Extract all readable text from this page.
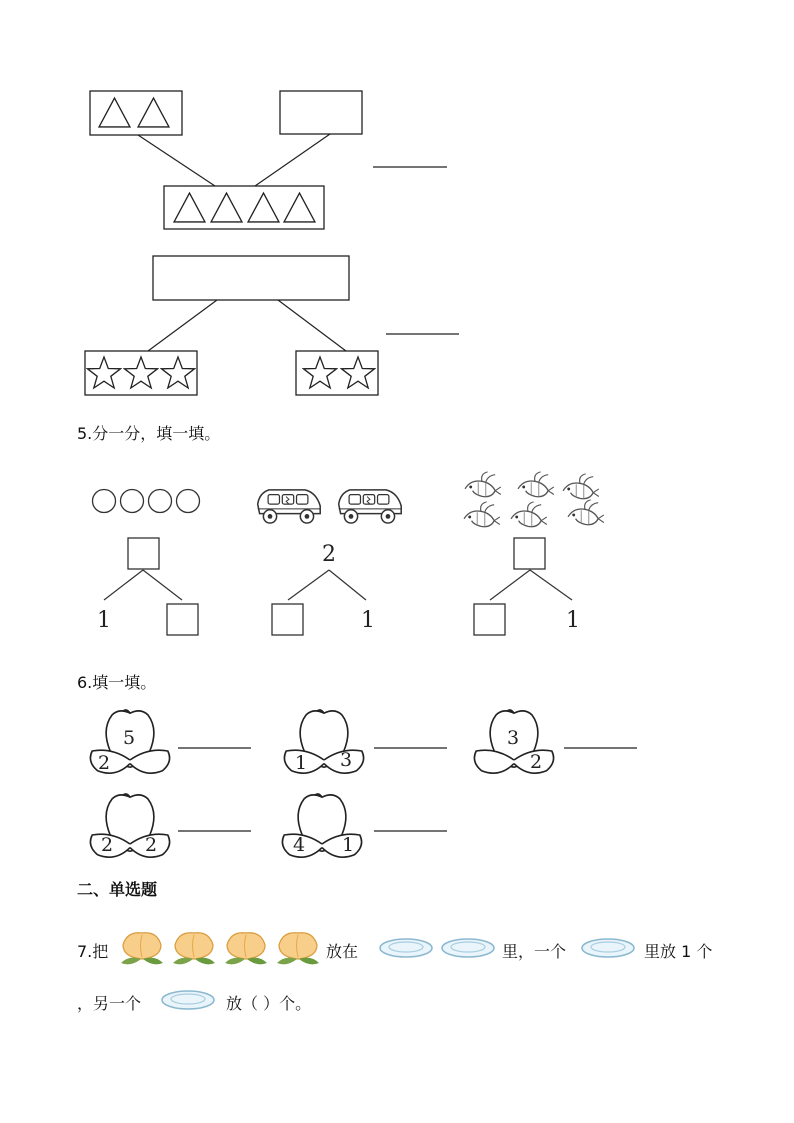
5.分一分，填一填。
1
2
1	1
6.填一填。
5
2	1 3
3
2
2 2	4 1
二、单选题
7.把	放在	里，一个	里放 1 个
，另一个	放（ ）个。
